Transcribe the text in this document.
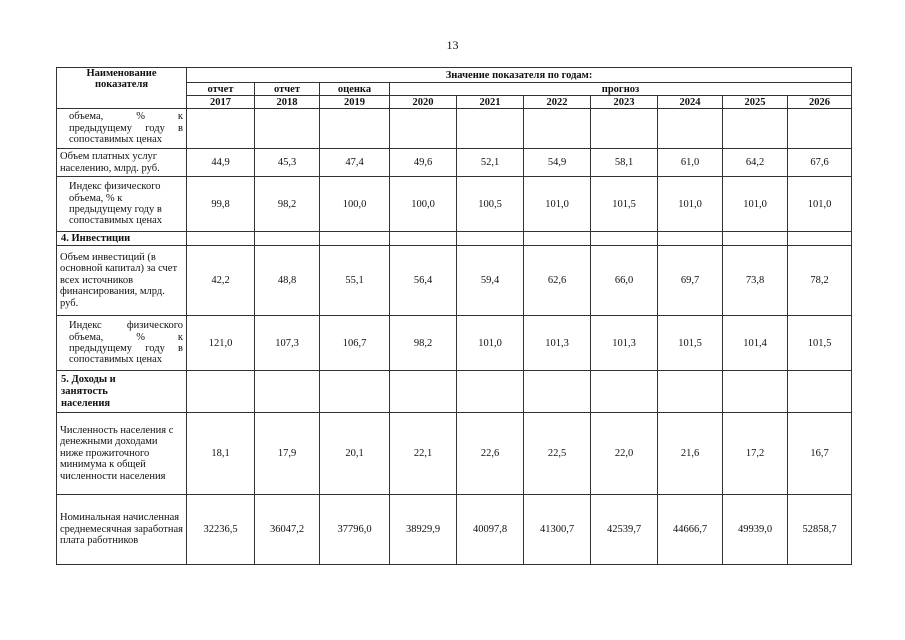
13
Наименование показателя	Значение показателя по годам:									
	отчет	отчет	оценка	прогноз						
	2017	2018	2019	2020	2021	2022	2023	2024	2025	2026
объема, % к предыдущему году в сопоставимых ценах										
Объем платных услуг населению, млрд. руб.	44,9	45,3	47,4	49,6	52,1	54,9	58,1	61,0	64,2	67,6
Индекс физического объема, % к предыдущему году в сопоставимых ценах	99,8	98,2	100,0	100,0	100,5	101,0	101,5	101,0	101,0	101,0
4. Инвестиции										
Объем инвестиций (в основной капитал) за счет всех источников финансирования, млрд. руб.	42,2	48,8	55,1	56,4	59,4	62,6	66,0	69,7	73,8	78,2
Индекс физического объема, % к предыдущему году в сопоставимых ценах	121,0	107,3	106,7	98,2	101,0	101,3	101,3	101,5	101,4	101,5
5. Доходы и занятость населения										
Численность населения с денежными доходами ниже прожиточного минимума к общей численности населения	18,1	17,9	20,1	22,1	22,6	22,5	22,0	21,6	17,2	16,7
Номинальная начисленная среднемесячная заработная плата работников	32236,5	36047,2	37796,0	38929,9	40097,8	41300,7	42539,7	44666,7	49939,0	52858,7
